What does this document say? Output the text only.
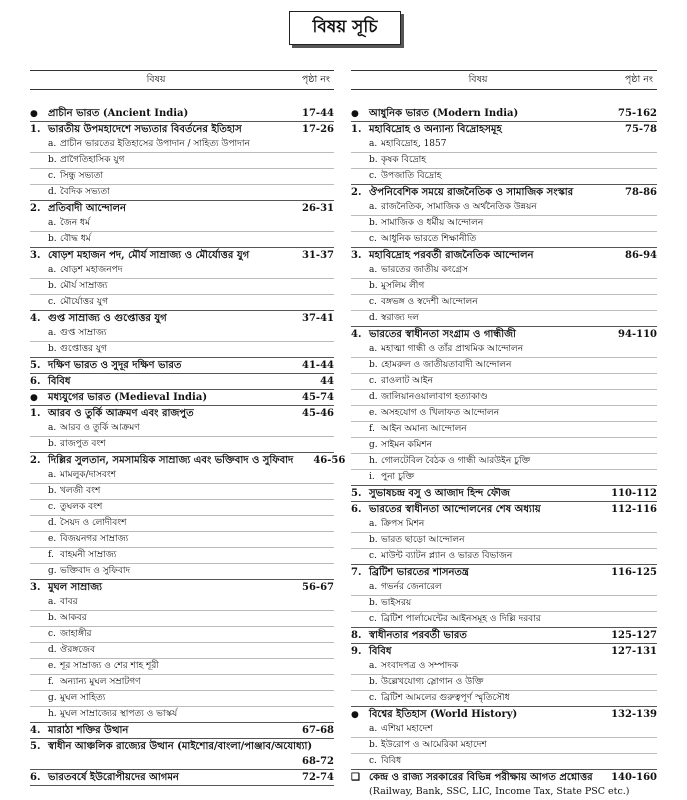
বিষয় সূচি
বিষয়	পৃষ্ঠা নং
●	প্রাচীন ভারত (Ancient India)	17-44
1. ভারতীয় উপমহাদেশে সভ্যতার বিবর্তনের ইতিহাস	17-26
a. প্রাচীন ভারতের ইতিহাসের উপাদান / সাহিত্য উপাদান
b. প্রাগৈতিহাসিক যুগ
c. সিন্ধু সভ্যতা
d. বৈদিক সভ্যতা
2. প্রতিবাদী আন্দোলন	26-31
a. জৈন ধর্ম
b. বৌদ্ধ ধর্ম
3. ষোড়শ মহাজন পদ, মৌর্য সাম্রাজ্য ও মৌর্যোত্তর যুগ	31-37
a. ষোড়শ মহাজনপদ
b. মৌর্য সাম্রাজ্য
c. মৌর্যোত্তর যুগ
4. গুপ্ত সাম্রাজ্য ও গুপ্তোত্তর যুগ	37-41
a. গুপ্ত সাম্রাজ্য
b. গুপ্তোত্তর যুগ
5. দক্ষিণ ভারত ও সুদূর দক্ষিণ ভারত	41-44
6. বিবিধ	44
●	মধ্যযুগের ভারত (Medieval India)	45-74
1. আরব ও তুর্কি আক্রমণ এবং রাজপুত	45-46
a. আরব ও তুর্কি আক্রমণ
b. রাজপুত বংশ
2. দিল্লির সুলতান, সমসাময়িক সাম্রাজ্য এবং ভক্তিবাদ ও সুফিবাদ	46-56
a. মামলুক/দাসবংশ
b. খলজী বংশ
c. তুঘলক বংশ
d. সৈয়দ ও লোদীবংশ
e. বিজয়নগর সাম্রাজ্য
f. বাহমনী সাম্রাজ্য
g. ভক্তিবাদ ও সুফিবাদ
3. মুঘল সাম্রাজ্য	56-67
a. বাবর
b. আকবর
c. জাহাঙ্গীর
d. ঔরঙ্গজেব
e. শূর সাম্রাজ্য ও শের শাহ শূরী
f. অন্যান্য মুঘল সম্রাটগণ
g. মুঘল সাহিত্য
h. মুঘল সাম্রাজ্যের স্থাপত্য ও ভাস্কর্য
4. মারাঠা শক্তির উত্থান	67-68
5. স্বাধীন আঞ্চলিক রাজ্যের উত্থান (মাইশোর/বাংলা/পাঞ্জাব/অযোধ্যা)
68-72
6. ভারতবর্ষে ইউরোপীয়দের আগমন	72-74
বিষয়	পৃষ্ঠা নং
●	আধুনিক ভারত (Modern India)	75-162
1. মহাবিদ্রোহ ও অন্যান্য বিদ্রোহসমূহ	75-78
a. মহাবিদ্রোহ, 1857
b. কৃষক বিদ্রোহ
c. উপজাতি বিদ্রোহ
2. ঔপনিবেশিক সময়ে রাজনৈতিক ও সামাজিক সংস্কার	78-86
a. রাজনৈতিক, সামাজিক ও অর্থনৈতিক উন্নয়ন
b. সামাজিক ও ধর্মীয় আন্দোলন
c. আধুনিক ভারতে শিক্ষানীতি
3. মহাবিদ্রোহ পরবর্তী রাজনৈতিক আন্দোলন	86-94
a. ভারতের জাতীয় কংগ্রেস
b. মুসলিম লীগ
c. বঙ্গভঙ্গ ও স্বদেশী আন্দোলন
d. স্বরাজ্য দল
4. ভারতের স্বাধীনতা সংগ্রাম ও গান্ধীজী	94-110
a. মহাত্মা গান্ধী ও তাঁর প্রাথমিক আন্দোলন
b. হোমরুল ও জাতীয়তাবাদী আন্দোলন
c. রাওলাট আইন
d. জালিয়ানওয়ালাবাগ হত্যাকাণ্ড
e. অসহযোগ ও খিলাফত আন্দোলন
f. আইন অমান্য আন্দোলন
g. সাইমন কমিশন
h. গোলটেবিল বৈঠক ও গান্ধী আরউইন চুক্তি
i. পুনা চুক্তি
5. সুভাষচন্দ্র বসু ও আজাদ হিন্দ ফৌজ	110-112
6. ভারতের স্বাধীনতা আন্দোলনের শেষ অধ্যায়	112-116
a. ক্রিপস মিশন
b. ভারত ছাড়ো আন্দোলন
c. মাউন্ট ব্যাটন প্ল্যান ও ভারত বিভাজন
7. ব্রিটিশ ভারতের শাসনতন্ত্র	116-125
a. গভর্নর জেনারেল
b. ভাইসরয়
c. ব্রিটিশ পার্লামেন্টের আইনসমূহ ও দিল্লি দরবার
8. স্বাধীনতার পরবর্তী ভারত	125-127
9. বিবিধ	127-131
a. সংবাদপত্র ও সম্পাদক
b. উল্লেখযোগ্য স্লোগান ও উক্তি
c. ব্রিটিশ আমলের গুরুত্বপূর্ণ স্মৃতিসৌধ
●	বিশ্বের ইতিহাস (World History)	132-139
a. এশিয়া মহাদেশ
b. ইউরোপ ও আমেরিকা মহাদেশ
c. বিবিধ
❑ কেন্দ্র ও রাজ্য সরকারের বিভিন্ন পরীক্ষায় আগত প্রশ্নোত্তর	140-160
(Railway, Bank, SSC, LIC, Income Tax, State PSC etc.)
